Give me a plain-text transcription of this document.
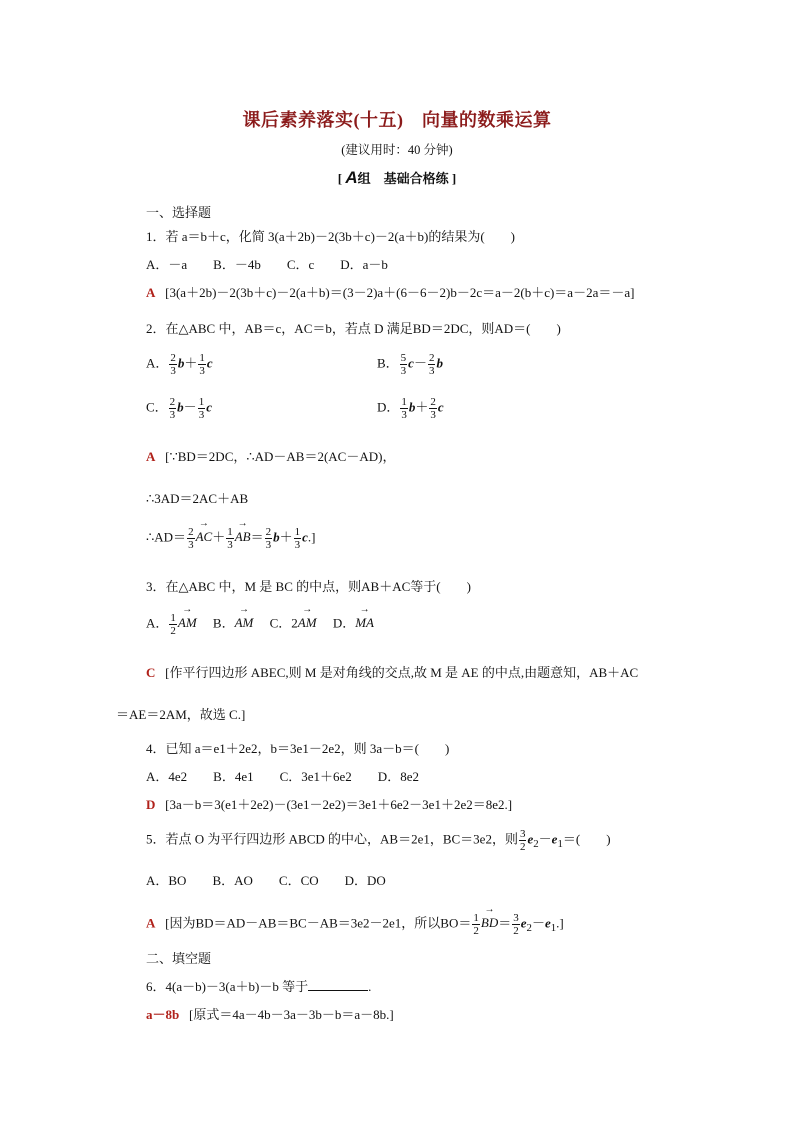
课后素养落实(十五)　向量的数乘运算
(建议用时：40 分钟)
[ A组　基础合格练 ]
一、选择题
1．若 a＝b＋c，化简 3(a＋2b)－2(3b＋c)－2(a＋b)的结果为(　　)
A．－a　　B．－4b　　C．c　　D．a－b
A [3(a＋2b)－2(3b＋c)－2(a＋b)＝(3－2)a＋(6－6－2)b－2c＝a－2(b＋c)＝a－2a＝－a]
2．在△ABC 中，AB＝c，AC＝b，若点 D 满足BD＝2DC，则AD＝(　　)
A． $\frac{2}{3} b+ \frac{1}{3}$ c	B． $\frac{5}{3} c- \frac{2}{3}$ b
C． $\frac{2}{3} b- \frac{1}{3}$ c	D． $\frac{1}{3} b+ \frac{2}{3}$ c
A [∵BD＝2DC，∴AD－AB＝2(AC－AD)，
∴3AD＝2AC＋AB
∴AD＝ $\frac{2}{3}$
→ $AC+ \frac{1}{3}$
→ $AB= \frac{2}{3} b+ \frac{1}{3} c$.]
3．在△ABC 中，M 是 BC 的中点，则AB＋AC等于(　　)
A． $\frac{1}{2}$
→ AM　 B．→ AM　 C．2→ AM　 D．→ MA
C [作平行四边形 ABEC,则 M 是对角线的交点,故 M 是 AE 的中点,由题意知，AB＋AC
＝AE＝2AM，故选 C.]
4．已知 a＝e1＋2e2，b＝3e1－2e2，则 3a－b＝(　　)
A．4e2　　B．4e1　　C．3e1＋6e2　　D．8e2
D [3a－b＝3(e1＋2e2)－(3e1－2e2)＝3e1＋6e2－3e1＋2e2＝8e2.]
5．若点 O 为平行四边形 ABCD 的中心，AB＝2e1，BC＝3e2，则 $\frac{3}{2} e_2-e_1=$(　　)
A．BO　　B．AO　　C．CO　　D．DO
A [因为BD＝AD－AB＝BC－AB＝3e2－2e1，所以$BO= \frac{1}{2}$
→ $BD= \frac{3}{2} e_2-e_1$.]
二、填空题
6．4(a－b)－3(a＋b)－b 等于	.
a－8b [原式＝4a－4b－3a－3b－b＝a－8b.]
